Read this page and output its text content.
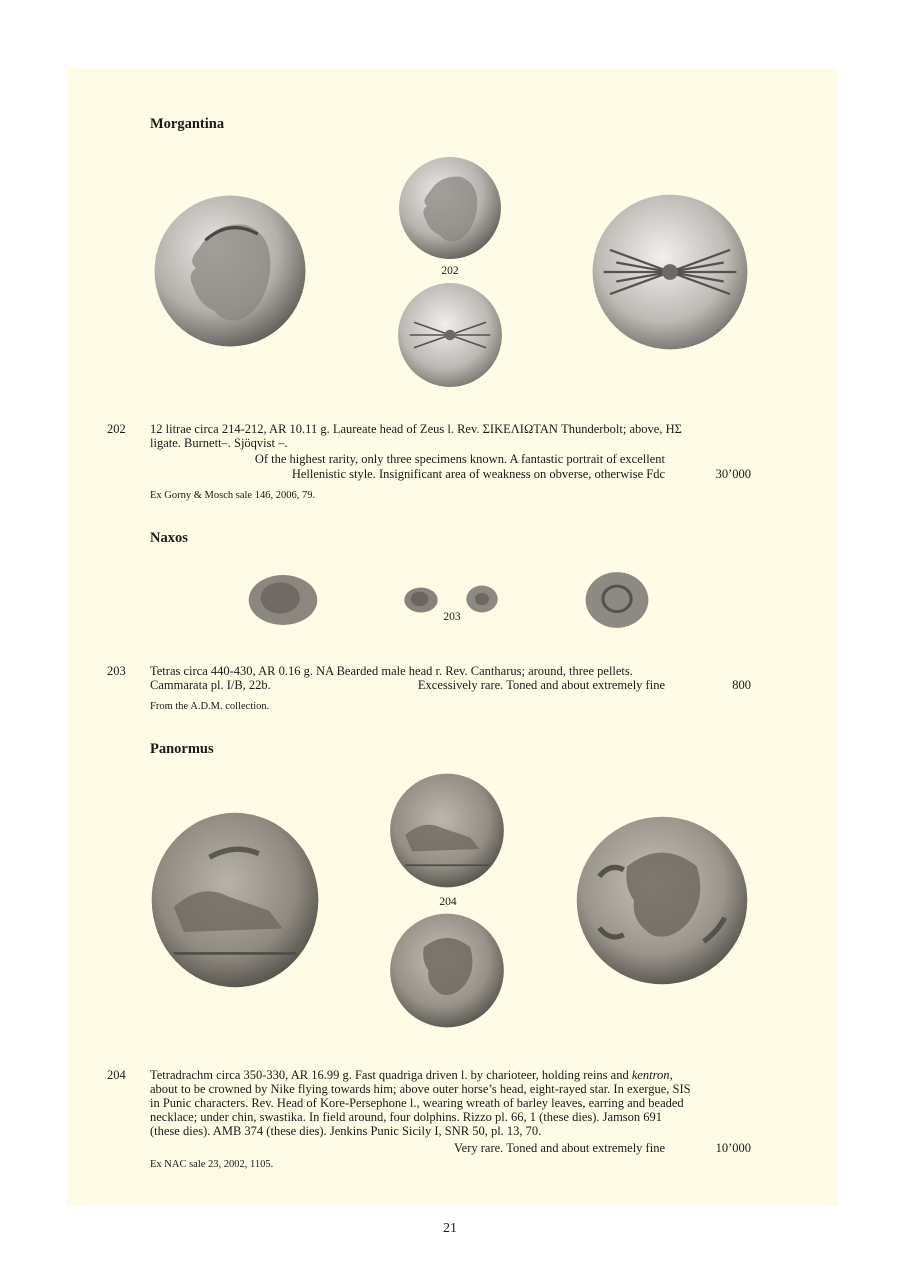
Morgantina
202
202 12 litrae circa 214-212, AR 10.11 g. Laureate head of Zeus l. Rev. ΣΙΚΕΛΙΩΤΑΝ Thunderbolt; above, ΗΣ
ligate. Burnett–. Sjöqvist –.
Of the highest rarity, only three specimens known. A fantastic portrait of excellent
Hellenistic style. Insignificant area of weakness on obverse, otherwise Fdc	30’000
Ex Gorny & Mosch sale 146, 2006, 79.
Naxos
203
203 Tetras circa 440-430, AR 0.16 g. NA Bearded male head r. Rev. Cantharus; around, three pellets.
Cammarata pl. I/B, 22b.	Excessively rare. Toned and about extremely fine	800
From the A.D.M. collection.
Panormus
204
204 Tetradrachm circa 350-330, AR 16.99 g. Fast quadriga driven l. by charioteer, holding reins and kentron,
about to be crowned by Nike flying towards him; above outer horse’s head, eight-rayed star. In exergue, SIS
in Punic characters. Rev. Head of Kore-Persephone l., wearing wreath of barley leaves, earring and beaded
necklace; under chin, swastika. In field around, four dolphins. Rizzo pl. 66, 1 (these dies). Jamson 691
(these dies). AMB 374 (these dies). Jenkins Punic Sicily I, SNR 50, pl. 13, 70.
Very rare. Toned and about extremely fine	10’000
Ex NAC sale 23, 2002, 1105.
21
